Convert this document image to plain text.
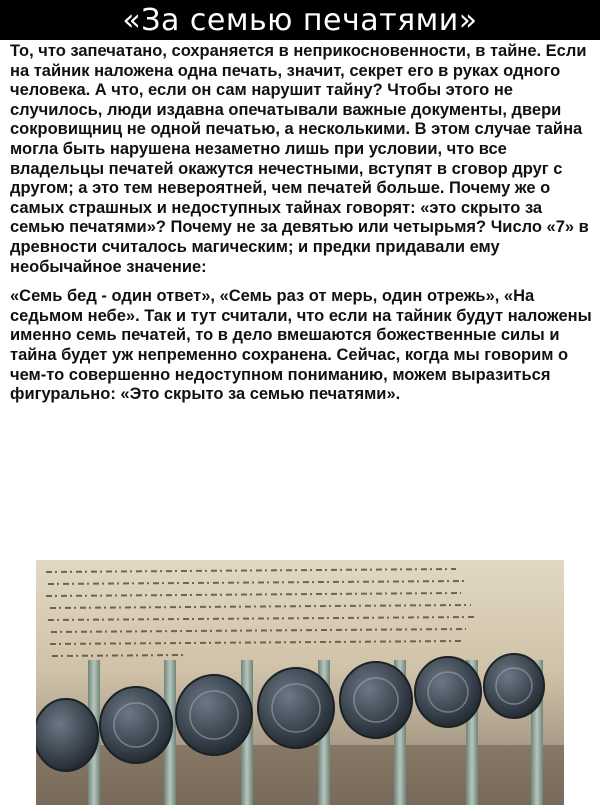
«За семью печатями»

То, что запечатано, сохраняется в неприкосновенности, в тайне. Если на тайник наложена одна печать, значит, секрет его в руках одного человека. А что, если он сам нарушит тайну? Чтобы этого не случилось, люди издавна опечатывали важные документы, двери сокровищниц не одной печатью, а несколькими. В этом случае тайна могла быть нарушена незаметно лишь при условии, что все владельцы печатей окажутся нечестными, вступят в сговор друг с другом; а это тем невероятней, чем печатей больше. Почему же о самых страшных и недоступных тайнах говорят: «это скрыто за семью печатями»? Почему не за девятью или четырьмя? Число «7» в древности считалось магическим; и предки придавали ему необычайное значение:

«Семь бед - один ответ», «Семь раз от мерь, один отрежь», «На седьмом небе». Так и тут считали, что если на тайник будут наложены именно семь печатей, то в дело вмешаются божественные силы и тайна будет уж непременно сохранена. Сейчас, когда мы говорим о чем-то совершенно недоступном пониманию, можем выразиться фигурально: «Это скрыто за семью печатями».
